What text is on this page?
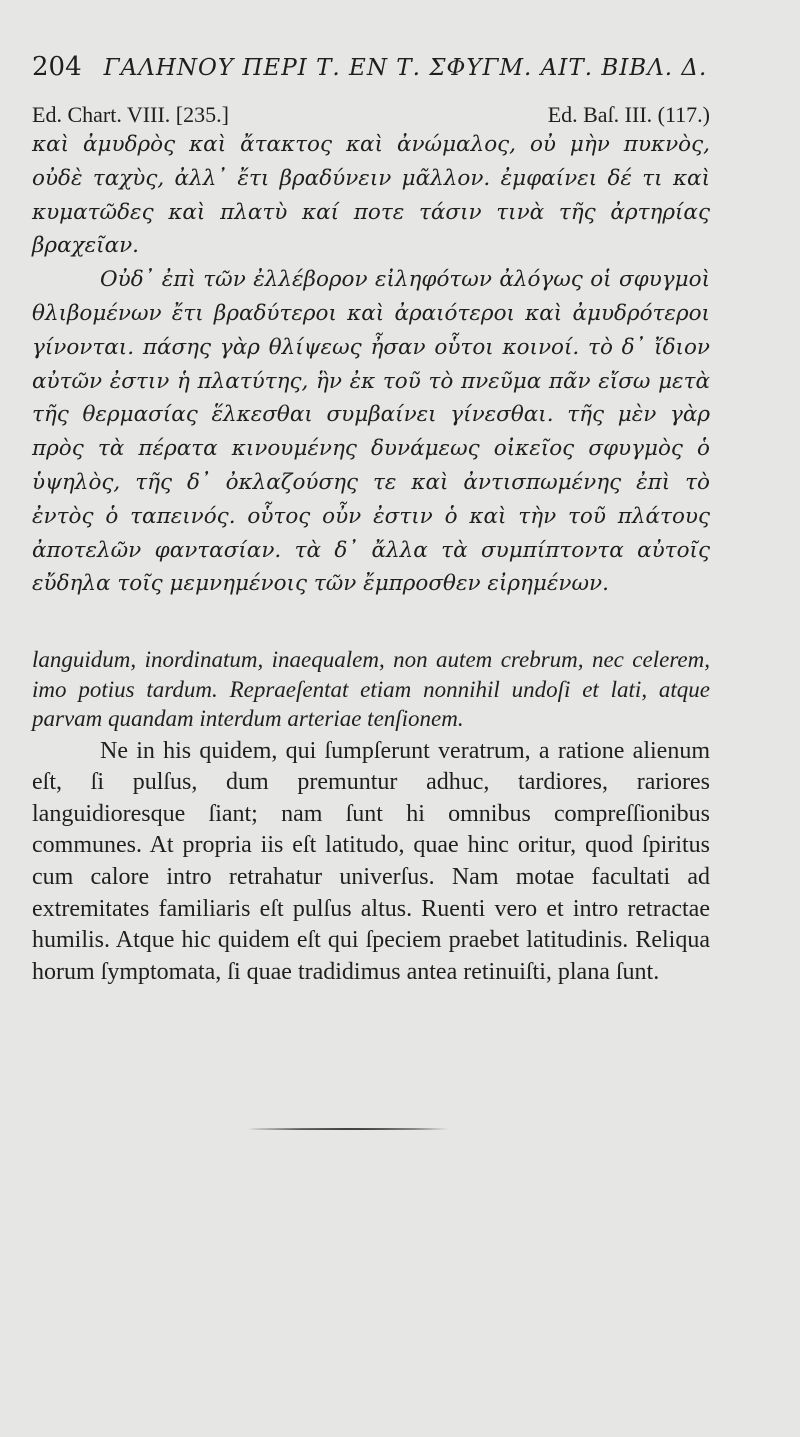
204 ΓΑΛΗΝΟΥ ΠΕΡΙ Τ. ΕΝ Τ. ΣΦΥΓΜ. ΑΙΤ. ΒΙΒΛ. Δ.
Ed. Chart. VIII. [235.]	Ed. Baſ. III. (117.)

καὶ ἀμυδρὸς καὶ ἄτακτος καὶ ἀνώμαλος, οὐ μὴν πυκνὸς, οὐδὲ ταχὺς, ἀλλ᾽ ἔτι βραδύνειν μᾶλλον. ἐμφαίνει δέ τι καὶ κυματῶδες καὶ πλατὺ καί ποτε τάσιν τινὰ τῆς ἀρτηρίας βραχεῖαν.

Οὐδ᾽ ἐπὶ τῶν ἐλλέβορον εἰληφότων ἀλόγως οἱ σφυγμοὶ θλιβομένων ἔτι βραδύτεροι καὶ ἀραιότεροι καὶ ἀμυδρότεροι γίνονται. πάσης γὰρ θλίψεως ἦσαν οὗτοι κοινοί. τὸ δ᾽ ἴδιον αὐτῶν ἐστιν ἡ πλατύτης, ἣν ἐκ τοῦ τὸ πνεῦμα πᾶν εἴσω μετὰ τῆς θερμασίας ἕλκεσθαι συμβαίνει γίνεσθαι. τῆς μὲν γὰρ πρὸς τὰ πέρατα κινουμένης δυνάμεως οἰκεῖος σφυγμὸς ὁ ὑψηλὸς, τῆς δ᾽ ὀκλαζούσης τε καὶ ἀντισπωμένης ἐπὶ τὸ ἐντὸς ὁ ταπεινός. οὗτος οὖν ἐστιν ὁ καὶ τὴν τοῦ πλάτους ἀποτελῶν φαντασίαν. τὰ δ᾽ ἄλλα τὰ συμπίπτοντα αὐτοῖς εὔδηλα τοῖς μεμνημένοις τῶν ἔμπροσθεν εἰρημένων.

languidum, inordinatum, inaequalem, non autem crebrum, nec celerem, imo potius tardum. Repraeſentat etiam nonnihil undoſi et lati, atque parvam quandam interdum arteriae tenſionem.

Ne in his quidem, qui ſumpſerunt veratrum, a ratione alienum eſt, ſi pulſus, dum premuntur adhuc, tardiores, rariores languidioresque ſiant; nam ſunt hi omnibus compreſſionibus communes. At propria iis eſt latitudo, quae hinc oritur, quod ſpiritus cum calore intro retrahatur univerſus. Nam motae facultati ad extremitates familiaris eſt pulſus altus. Ruenti vero et intro retractae humilis. Atque hic quidem eſt qui ſpeciem praebet latitudinis. Reliqua horum ſymptomata, ſi quae tradidimus antea retinuiſti, plana ſunt.
